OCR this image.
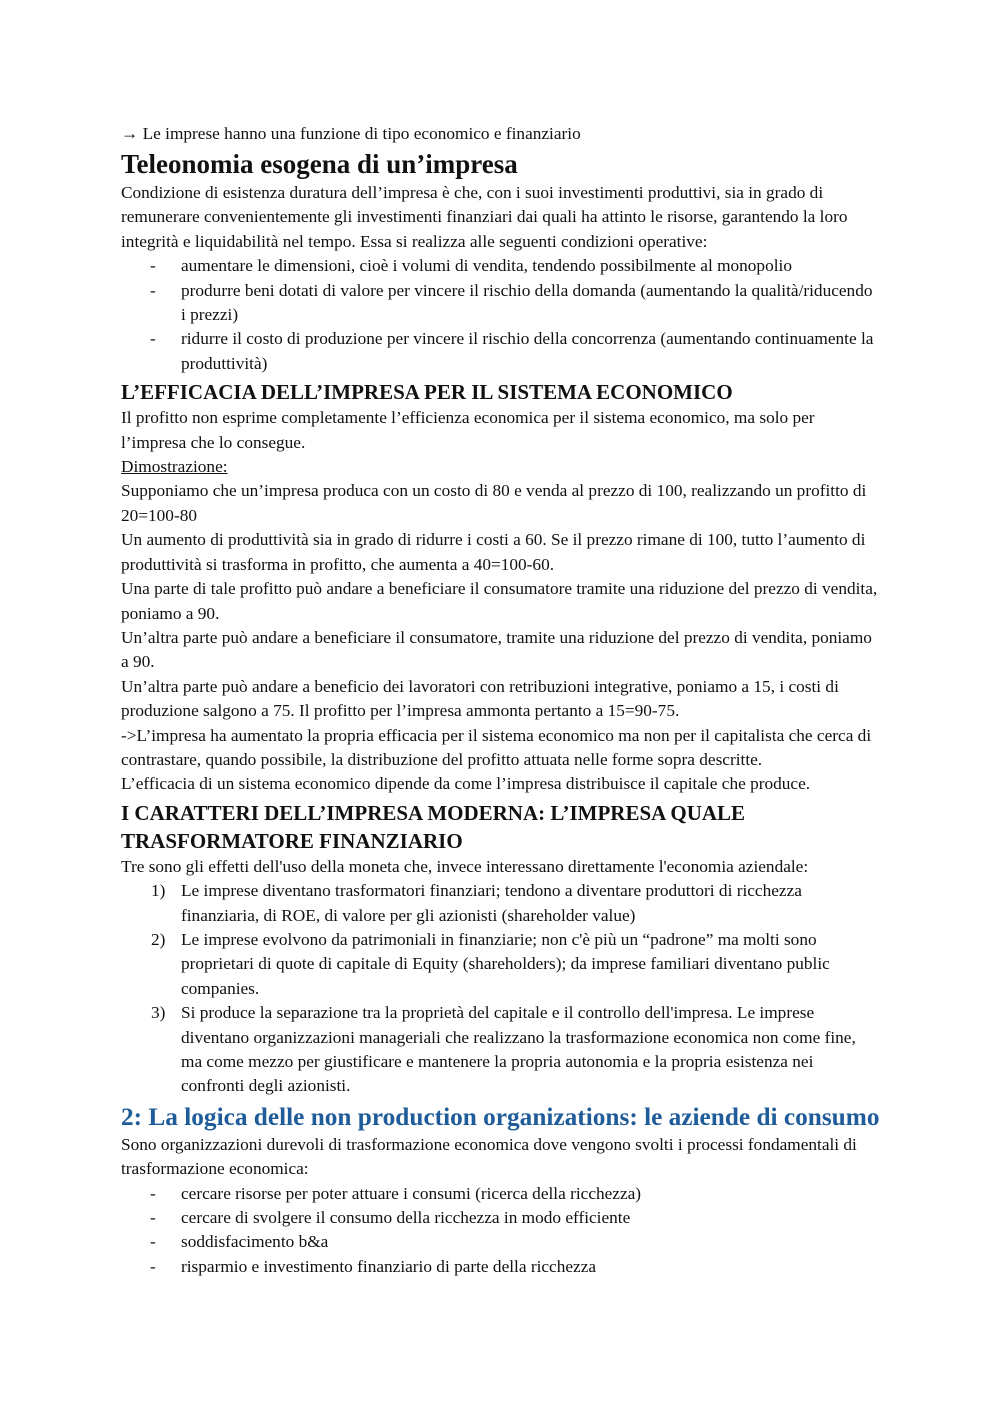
→ Le imprese hanno una funzione di tipo economico e finanziario

Teleonomia esogena di un’impresa

Condizione di esistenza duratura dell’impresa è che, con i suoi investimenti produttivi, sia in grado di remunerare convenientemente gli investimenti finanziari dai quali ha attinto le risorse, garantendo la loro integrità e liquidabilità nel tempo. Essa si realizza alle seguenti condizioni operative:

- aumentare le dimensioni, cioè i volumi di vendita, tendendo possibilmente al monopolio
- produrre beni dotati di valore per vincere il rischio della domanda (aumentando la qualità/riducendo i prezzi)
- ridurre il costo di produzione per vincere il rischio della concorrenza (aumentando continuamente la produttività)
L’EFFICACIA DELL’IMPRESA PER IL SISTEMA ECONOMICO

Il profitto non esprime completamente l’efficienza economica per il sistema economico, ma solo per l’impresa che lo consegue.

Dimostrazione:

Supponiamo che un’impresa produca con un costo di 80 e venda al prezzo di 100, realizzando un profitto di 20=100-80

Un aumento di produttività sia in grado di ridurre i costi a 60. Se il prezzo rimane di 100, tutto l’aumento di produttività si trasforma in profitto, che aumenta a 40=100-60.

Una parte di tale profitto può andare a beneficiare il consumatore tramite una riduzione del prezzo di vendita, poniamo a 90.

Un’altra parte può andare a beneficiare il consumatore, tramite una riduzione del prezzo di vendita, poniamo a 90.

Un’altra parte può andare a beneficio dei lavoratori con retribuzioni integrative, poniamo a 15, i costi di produzione salgono a 75. Il profitto per l’impresa ammonta pertanto a 15=90-75.

->L’impresa ha aumentato la propria efficacia per il sistema economico ma non per il capitalista che cerca di contrastare, quando possibile, la distribuzione del profitto attuata nelle forme sopra descritte.

L’efficacia di un sistema economico dipende da come l’impresa distribuisce il capitale che produce.

I CARATTERI DELL’IMPRESA MODERNA: L’IMPRESA QUALE
TRASFORMATORE FINANZIARIO

Tre sono gli effetti dell'uso della moneta che, invece interessano direttamente l'economia aziendale:

1) Le imprese diventano trasformatori finanziari; tendono a diventare produttori di ricchezza finanziaria, di ROE, di valore per gli azionisti (shareholder value)
2) Le imprese evolvono da patrimoniali in finanziarie; non c'è più un “padrone” ma molti sono proprietari di quote di capitale di Equity (shareholders); da imprese familiari diventano public companies.
3) Si produce la separazione tra la proprietà del capitale e il controllo dell'impresa. Le imprese diventano organizzazioni manageriali che realizzano la trasformazione economica non come fine, ma come mezzo per giustificare e mantenere la propria autonomia e la propria esistenza nei confronti degli azionisti.
2: La logica delle non production organizations: le aziende di consumo

Sono organizzazioni durevoli di trasformazione economica dove vengono svolti i processi fondamentali di trasformazione economica:

- cercare risorse per poter attuare i consumi (ricerca della ricchezza)
- cercare di svolgere il consumo della ricchezza in modo efficiente
- soddisfacimento b&a
- risparmio e investimento finanziario di parte della ricchezza
